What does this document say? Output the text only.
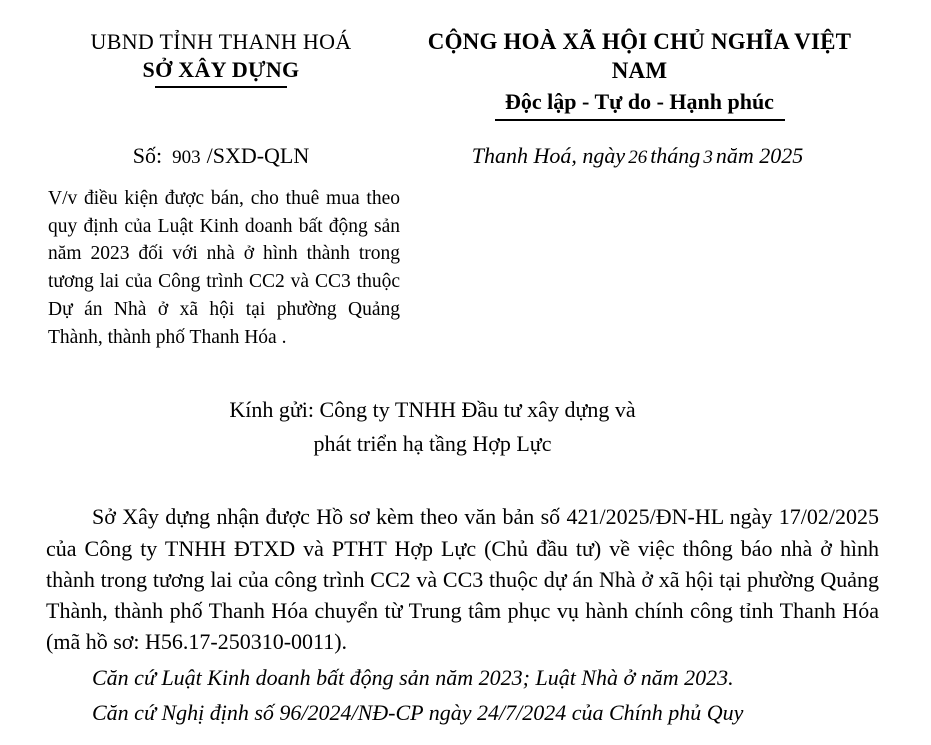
UBND TỈNH THANH HOÁ
SỞ XÂY DỰNG
CỘNG HOÀ XÃ HỘI CHỦ NGHĨA VIỆT NAM
Độc lập - Tự do - Hạnh phúc
Số: 903 /SXD-QLN	Thanh Hoá, ngày 26 tháng 3 năm 2025
V/v điều kiện được bán, cho thuê mua theo quy định của Luật Kinh doanh bất động sản năm 2023 đối với nhà ở hình thành trong tương lai của Công trình CC2 và CC3 thuộc Dự án Nhà ở xã hội tại phường Quảng Thành, thành phố Thanh Hóa .
Kính gửi: Công ty TNHH Đầu tư xây dựng và
phát triển hạ tầng Hợp Lực

Sở Xây dựng nhận được Hồ sơ kèm theo văn bản số 421/2025/ĐN-HL ngày 17/02/2025 của Công ty TNHH ĐTXD và PTHT Hợp Lực (Chủ đầu tư) về việc thông báo nhà ở hình thành trong tương lai của công trình CC2 và CC3 thuộc dự án Nhà ở xã hội tại phường Quảng Thành, thành phố Thanh Hóa chuyển từ Trung tâm phục vụ hành chính công tỉnh Thanh Hóa (mã hồ sơ: H56.17-250310-0011).

Căn cứ Luật Kinh doanh bất động sản năm 2023; Luật Nhà ở năm 2023.

Căn cứ Nghị định số 96/2024/NĐ-CP ngày 24/7/2024 của Chính phủ Quy
